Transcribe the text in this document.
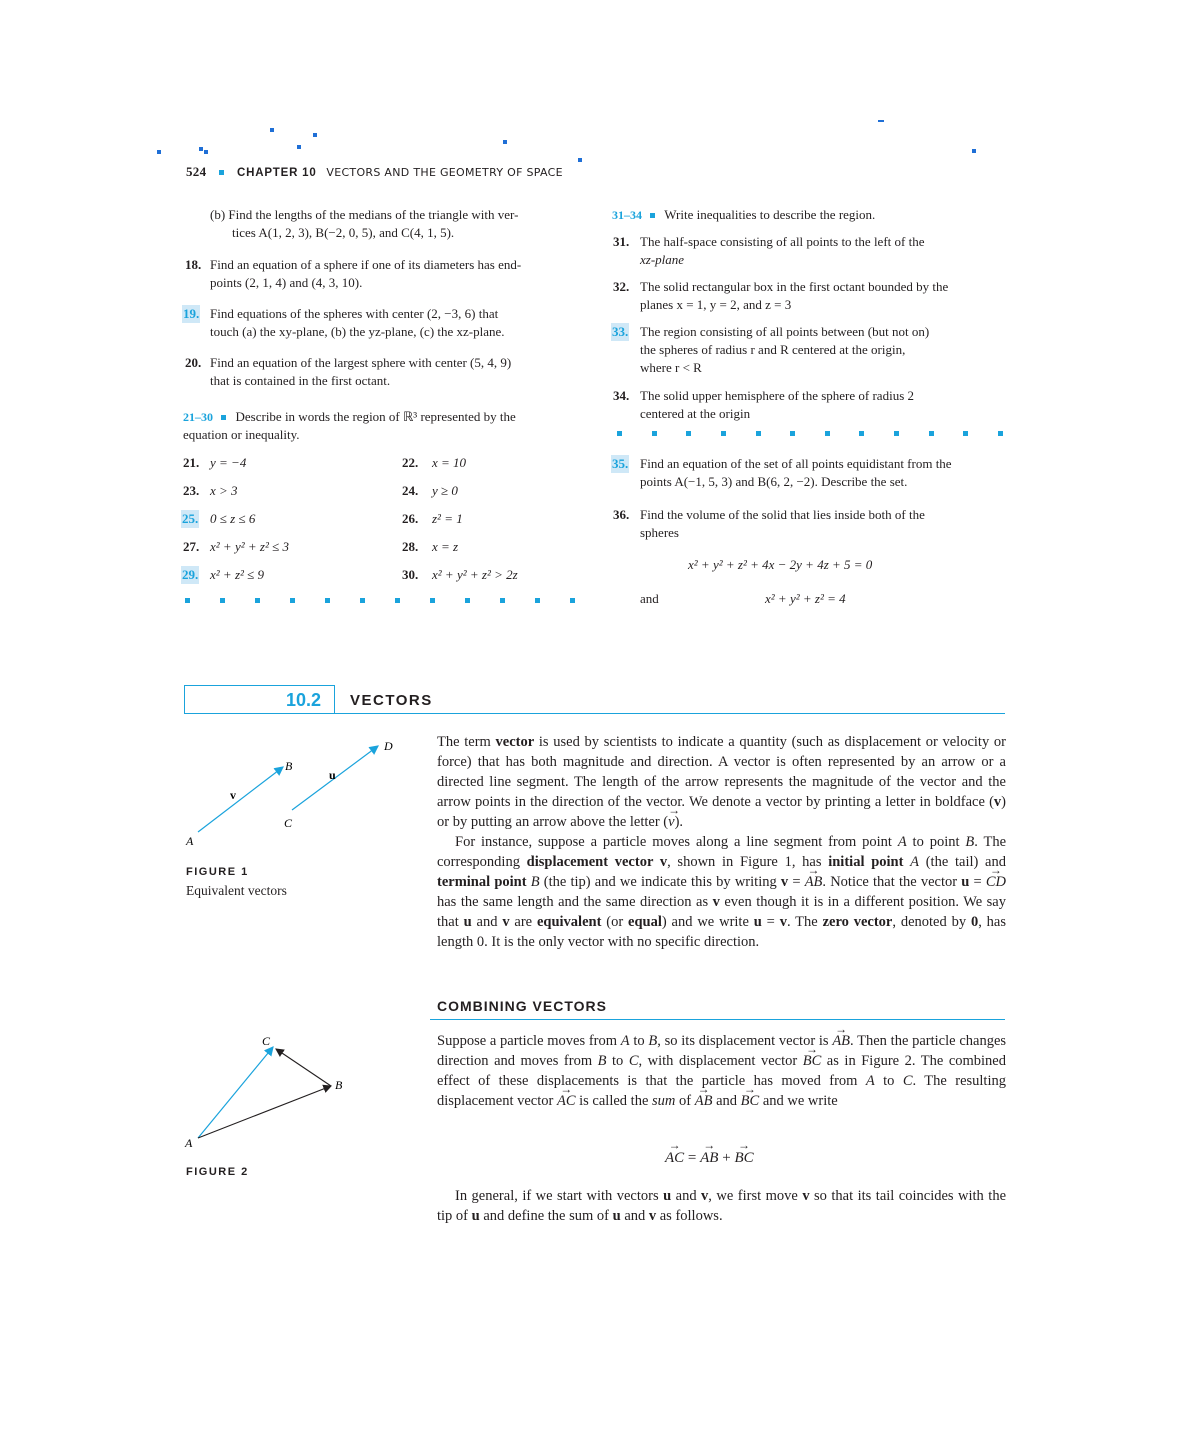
524	CHAPTER 10 VECTORS AND THE GEOMETRY OF SPACE
(b) Find the lengths of the medians of the triangle with ver-
tices A(1, 2, 3), B(−2, 0, 5), and C(4, 1, 5).
18. Find an equation of a sphere if one of its diameters has end-
points (2, 1, 4) and (4, 3, 10).
19. Find equations of the spheres with center (2, −3, 6) that
touch (a) the xy-plane, (b) the yz-plane, (c) the xz-plane.
20. Find an equation of the largest sphere with center (5, 4, 9)
that is contained in the first octant.
21–30 Describe in words the region of ℝ³ represented by the
equation or inequality.
21. y = −4	22. x = 10
23. x > 3	24. y ≥ 0
25. 0 ≤ z ≤ 6	26. z² = 1
27. x² + y² + z² ≤ 3	28. x = z
29. x² + z² ≤ 9	30. x² + y² + z² > 2z
31–34 Write inequalities to describe the region.
31. The half-space consisting of all points to the left of the
xz-plane
32. The solid rectangular box in the first octant bounded by the
planes x = 1, y = 2, and z = 3
33. The region consisting of all points between (but not on)
the spheres of radius r and R centered at the origin,
where r < R
34. The solid upper hemisphere of the sphere of radius 2
centered at the origin
35. Find an equation of the set of all points equidistant from the
points A(−1, 5, 3) and B(6, 2, −2). Describe the set.
36. Find the volume of the solid that lies inside both of the
spheres
x² + y² + z² + 4x − 2y + 4z + 5 = 0
and	x² + y² + z² = 4
10.2 VECTORS
A
B
C
D
u
v
FIGURE 1
Equivalent vectors
The term vector is used by scientists to indicate a quantity (such as displacement or velocity or force) that has both magnitude and direction. A vector is often represented by an arrow or a directed line segment. The length of the arrow represents the magnitude of the vector and the arrow points in the direction of the vector. We denote a vector by printing a letter in boldface (v) or by putting an arrow above the letter (v →).
For instance, suppose a particle moves along a line segment from point A to point B. The corresponding displacement vector v, shown in Figure 1, has initial point A (the tail) and terminal point B (the tip) and we indicate this by writing v = AB →. Notice that the vector u = CD → has the same length and the same direction as v even though it is in a different position. We say that u and v are equivalent (or equal) and we write u = v. The zero vector, denoted by 0, has length 0. It is the only vector with no specific direction.
COMBINING VECTORS
A
B
C
FIGURE 2
Suppose a particle moves from A to B, so its displacement vector is AB →. Then the particle changes direction and moves from B to C, with displacement vector BC → as in Figure 2. The combined effect of these displacements is that the particle has moved from A to C. The resulting displacement vector AC → is called the sum of AB → and BC → and we write
AC → = AB → + BC →
In general, if we start with vectors u and v, we first move v so that its tail coincides with the tip of u and define the sum of u and v as follows.
